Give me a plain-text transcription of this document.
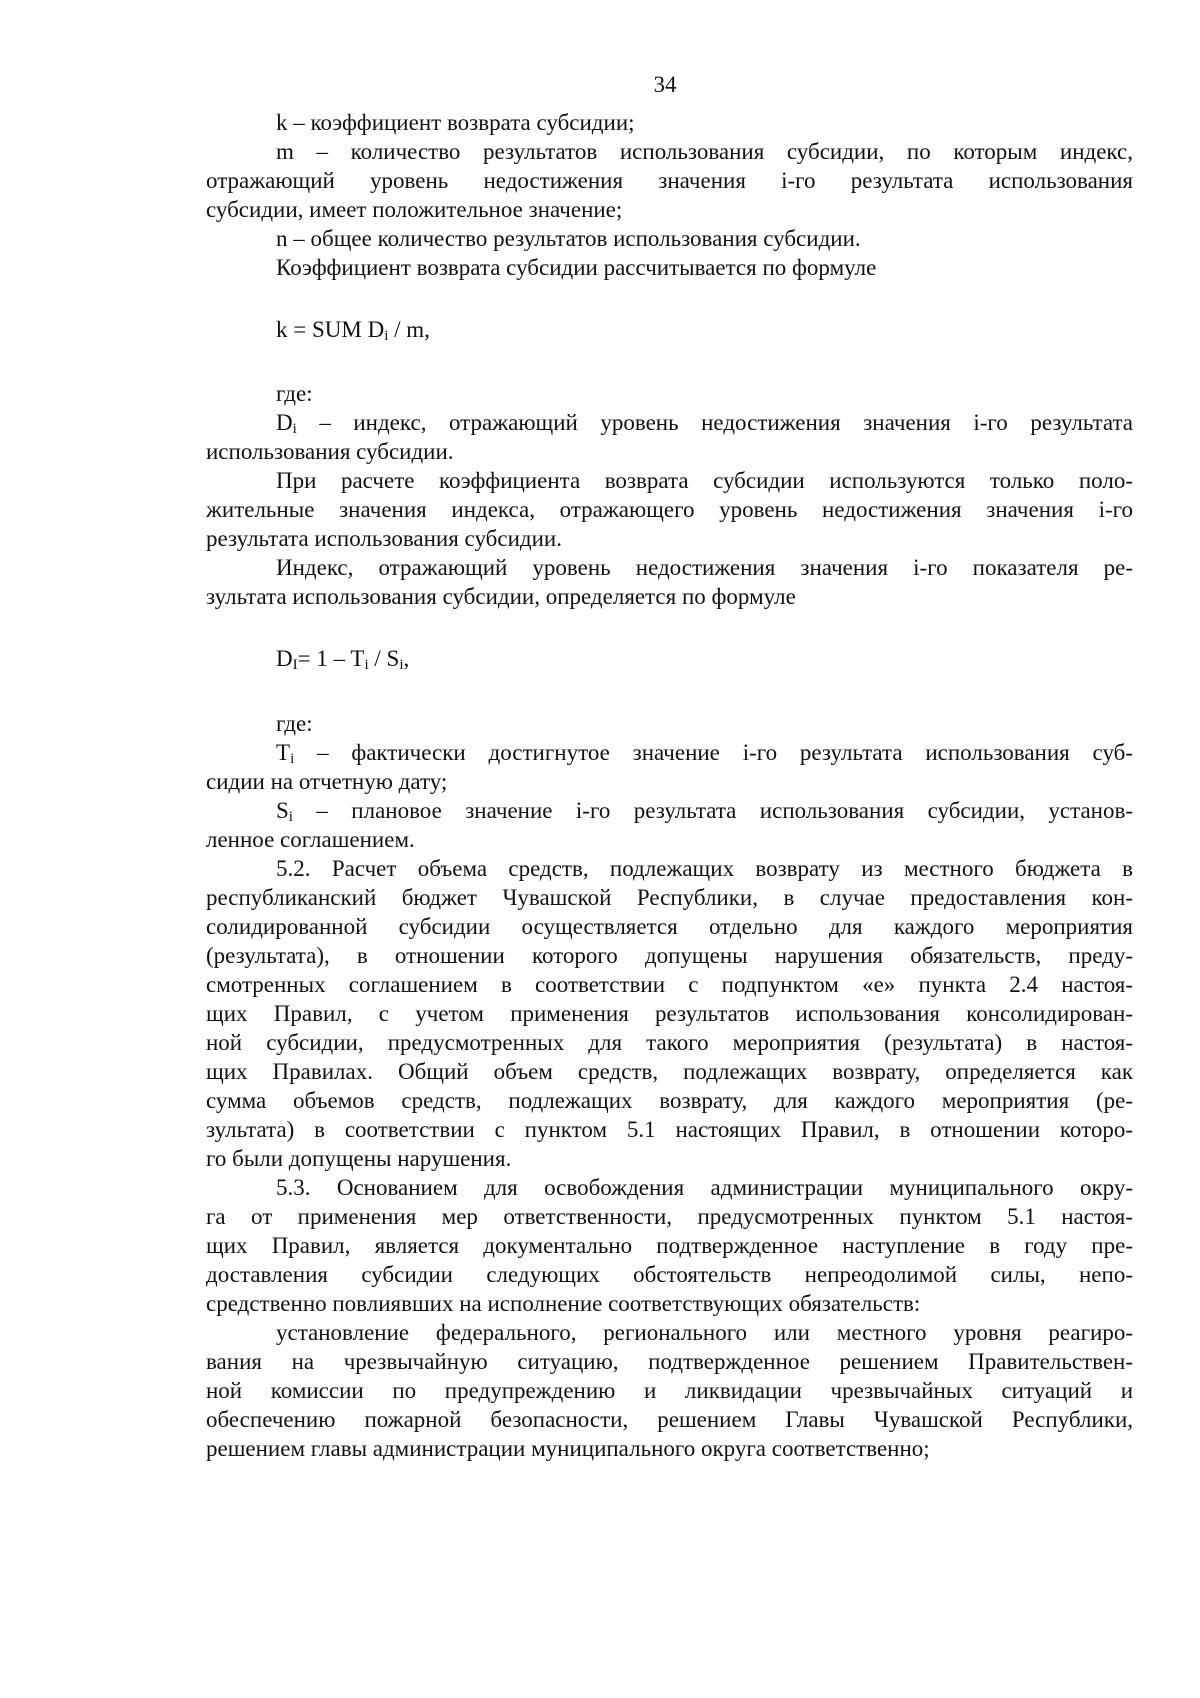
34
k – коэффициент возврата субсидии;
m – количество результатов использования субсидии, по которым индекс,
отражающий уровень недостижения значения i-го результата использования
субсидии, имеет положительное значение;
n – общее количество результатов использования субсидии.
Коэффициент возврата субсидии рассчитывается по формуле
k = SUM $D_i$ / m,
где:
$D_i$ – индекс, отражающий уровень недостижения значения i-го результата
использования субсидии.
При расчете коэффициента возврата субсидии используются только поло-
жительные значения индекса, отражающего уровень недостижения значения i-го
результата использования субсидии.
Индекс, отражающий уровень недостижения значения i-го показателя ре-
зультата использования субсидии, определяется по формуле
$D_I= 1 - T_i / S_i$,
где:
$T_i$ – фактически достигнутое значение i-го результата использования суб-
сидии на отчетную дату;
$S_i$ – плановое значение i-го результата использования субсидии, установ-
ленное соглашением.
5.2. Расчет объема средств, подлежащих возврату из местного бюджета в
республиканский бюджет Чувашской Республики, в случае предоставления кон-
солидированной субсидии осуществляется отдельно для каждого мероприятия
(результата), в отношении которого допущены нарушения обязательств, преду-
смотренных соглашением в соответствии с подпунктом «е» пункта 2.4 настоя-
щих Правил, с учетом применения результатов использования консолидирован-
ной субсидии, предусмотренных для такого мероприятия (результата) в настоя-
щих Правилах. Общий объем средств, подлежащих возврату, определяется как
сумма объемов средств, подлежащих возврату, для каждого мероприятия (ре-
зультата) в соответствии с пунктом 5.1 настоящих Правил, в отношении которо-
го были допущены нарушения.
5.3. Основанием для освобождения администрации муниципального окру-
га от применения мер ответственности, предусмотренных пунктом 5.1 настоя-
щих Правил, является документально подтвержденное наступление в году пре-
доставления субсидии следующих обстоятельств непреодолимой силы, непо-
средственно повлиявших на исполнение соответствующих обязательств:
установление федерального, регионального или местного уровня реагиро-
вания на чрезвычайную ситуацию, подтвержденное решением Правительствен-
ной комиссии по предупреждению и ликвидации чрезвычайных ситуаций и
обеспечению пожарной безопасности, решением Главы Чувашской Республики,
решением главы администрации муниципального округа соответственно;
